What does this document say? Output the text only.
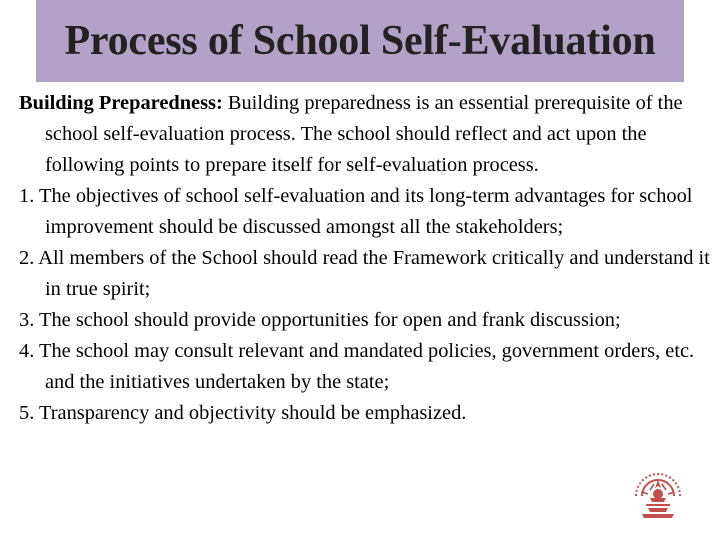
Process of School Self-Evaluation

Building Preparedness: Building preparedness is an essential prerequisite of the school self-evaluation process. The school should reflect and act upon the following points to prepare itself for self-evaluation process.

1. The objectives of school self-evaluation and its long-term advantages for school improvement should be discussed amongst all the stakeholders;

2. All members of the School should read the Framework critically and understand it in true spirit;

3. The school should provide opportunities for open and frank discussion;

4. The school may consult relevant and mandated policies, government orders, etc. and the initiatives undertaken by the state;

5. Transparency and objectivity should be emphasized.
